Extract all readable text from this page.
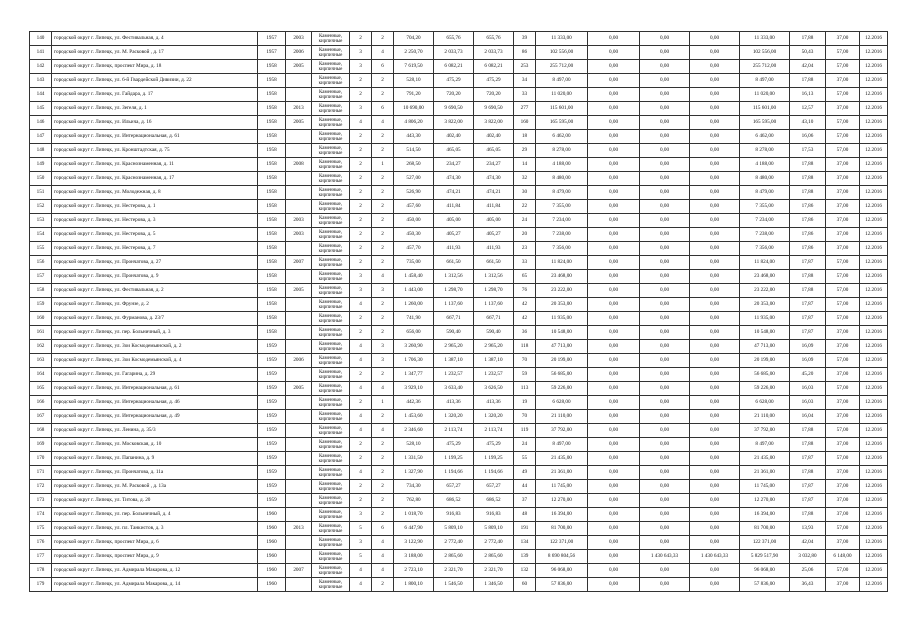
140	городской округ г. Липецк, ул. Фестивальная, д. 4	1957	2003	Каменные, кирпичные	2	2	704,20	655,76	655,76	39	11 333,00	0,00	0,00	0,00	11 333,00	17,88	37,00	12.2016
141	городской округ г. Липецк, ул. М. Расковой , д. 17	1957	2006	Каменные, кирпичные	3	4	2 250,70	2 033,73	2 033,73	86	102 556,00	0,00	0,00	0,00	102 556,00	50,43	57,00	12.2016
142	городской округ г. Липецк, проспект Мира, д. 18	1958	2005	Каменные, кирпичные	3	6	7 619,50	6 082,21	6 082,21	253	255 712,00	0,00	0,00	0,00	255 712,00	42,04	57,00	12.2016
143	городской округ г. Липецк, ул. 6-й Гвардейской Дивизии, д. 22	1958		Каменные, кирпичные	2	2	528,10	475,29	475,29	34	8 497,00	0,00	0,00	0,00	8 497,00	17,88	37,00	12.2016
144	городской округ г. Липецк, ул. Гайдара, д. 17	1958		Каменные, кирпичные	2	2	791,20	720,20	720,20	33	11 020,00	0,00	0,00	0,00	11 020,00	16,13	57,00	12.2016
145	городской округ г. Липецк, ул. Зегеля, д. 1	1958	2013	Каменные, кирпичные	3	6	10 690,00	9 690,50	9 690,50	277	115 601,00	0,00	0,00	0,00	115 601,00	12,57	37,00	12.2016
146	городской округ г. Липецк, ул. Ильича, д. 16	1958	2005	Каменные, кирпичные	4	4	4 806,20	3 822,00	3 822,00	160	165 595,00	0,00	0,00	0,00	165 595,00	43,10	57,00	12.2016
147	городской округ г. Липецк, ул. Интернациональная, д. 61	1958		Каменные, кирпичные	2	2	443,30	402,40	402,40	18	6 462,00	0,00	0,00	0,00	6 462,00	16,06	57,00	12.2016
148	городской округ г. Липецк, ул. Кронштадтская, д. 75	1958		Каменные, кирпичные	2	2	514,50	465,05	465,05	29	8 278,00	0,00	0,00	0,00	8 278,00	17,53	57,00	12.2016
149	городской округ г. Липецк, ул. Краснознаменная, д. 11	1958	2008	Каменные, кирпичные	2	1	268,50	234,27	234,27	14	4 188,00	0,00	0,00	0,00	4 188,00	17,88	37,00	12.2016
150	городской округ г. Липецк, ул. Краснознаменная, д. 17	1958		Каменные, кирпичные	2	2	527,00	474,30	474,30	32	8 480,00	0,00	0,00	0,00	8 480,00	17,88	37,00	12.2016
151	городской округ г. Липецк, ул. Молодежная, д. 8	1958		Каменные, кирпичные	2	2	526,90	474,21	474,21	30	8 479,00	0,00	0,00	0,00	8 479,00	17,88	37,00	12.2016
152	городской округ г. Липецк, ул. Нестерова, д. 1	1958		Каменные, кирпичные	2	2	457,60	411,84	411,84	22	7 355,00	0,00	0,00	0,00	7 355,00	17,86	37,00	12.2016
153	городской округ г. Липецк, ул. Нестерова, д. 3	1958	2003	Каменные, кирпичные	2	2	450,00	405,00	405,00	24	7 234,00	0,00	0,00	0,00	7 234,00	17,86	37,00	12.2016
154	городской округ г. Липецк, ул. Нестерова, д. 5	1958	2003	Каменные, кирпичные	2	2	450,30	405,27	405,27	20	7 238,00	0,00	0,00	0,00	7 238,00	17,86	37,00	12.2016
155	городской округ г. Липецк, ул. Нестерова, д. 7	1958		Каменные, кирпичные	2	2	457,70	411,93	411,93	23	7 356,00	0,00	0,00	0,00	7 356,00	17,86	37,00	12.2016
156	городской округ г. Липецк, ул. Прончатова, д. 27	1958	2007	Каменные, кирпичные	2	2	735,00	661,50	661,50	33	11 824,00	0,00	0,00	0,00	11 824,00	17,87	57,00	12.2016
157	городской округ г. Липецк, ул. Прончатова, д. 9	1958		Каменные, кирпичные	3	4	1 458,40	1 312,56	1 312,56	65	23 468,00	0,00	0,00	0,00	23 468,00	17,88	57,00	12.2016
158	городской округ г. Липецк, ул. Фестивальная, д. 2	1958	2005	Каменные, кирпичные	3	3	1 443,00	1 298,70	1 298,70	76	23 222,00	0,00	0,00	0,00	23 222,00	17,88	57,00	12.2016
159	городской округ г. Липецк, ул. Фрунзе, д. 2	1958		Каменные, кирпичные	4	2	1 260,00	1 137,60	1 137,60	42	20 353,00	0,00	0,00	0,00	20 353,00	17,87	57,00	12.2016
160	городской округ г. Липецк, ул. Фурманова, д. 23/7	1958		Каменные, кирпичные	2	2	741,90	667,71	667,71	42	11 935,00	0,00	0,00	0,00	11 935,00	17,87	57,00	12.2016
161	городской округ г. Липецк, ул. пер. Больничный, д. 3	1958		Каменные, кирпичные	2	2	656,00	590,40	590,40	36	10 548,00	0,00	0,00	0,00	10 548,00	17,87	37,00	12.2016
162	городской округ г. Липецк, ул. Зои Космодемьянской, д. 2	1959		Каменные, кирпичные	4	3	3 260,90	2 965,20	2 965,20	118	47 713,00	0,00	0,00	0,00	47 713,00	16,09	37,00	12.2016
163	городской округ г. Липецк, ул. Зои Космодемьянской, д. 4	1959	2006	Каменные, кирпичные	4	3	1 706,30	1 387,10	1 387,10	70	20 199,00	0,00	0,00	0,00	20 199,00	16,09	57,00	12.2016
164	городской округ г. Липецк, ул. Гагарина, д. 29	1959		Каменные, кирпичные	2	2	1 347,77	1 232,57	1 232,57	59	56 685,00	0,00	0,00	0,00	56 685,00	45,20	37,00	12.2016
165	городской округ г. Липецк, ул. Интернациональная, д. 61	1959	2005	Каменные, кирпичные	4	4	3 929,10	3 633,40	3 626,50	113	59 226,00	0,00	0,00	0,00	59 226,00	16,03	57,00	12.2016
166	городской округ г. Липецк, ул. Интернациональная, д. 46	1959		Каменные, кирпичные	2	1	442,36	413,36	413,36	19	6 628,00	0,00	0,00	0,00	6 628,00	16,03	37,00	12.2016
167	городской округ г. Липецк, ул. Интернациональная, д. 49	1959		Каменные, кирпичные	4	2	1 453,60	1 320,20	1 320,20	70	21 110,00	0,00	0,00	0,00	21 110,00	16,04	37,00	12.2016
168	городской округ г. Липецк, ул. Ленина, д. 35/3	1959		Каменные, кирпичные	4	4	2 346,60	2 113,74	2 113,74	119	37 792,00	0,00	0,00	0,00	37 792,00	17,88	57,00	12.2016
169	городской округ г. Липецк, ул. Московская, д. 10	1959		Каменные, кирпичные	2	2	528,10	475,29	475,29	24	8 497,00	0,00	0,00	0,00	8 497,00	17,88	37,00	12.2016
170	городской округ г. Липецк, ул. Папанина, д. 9	1959		Каменные, кирпичные	2	2	1 331,50	1 199,25	1 199,25	55	21 435,00	0,00	0,00	0,00	21 435,00	17,87	57,00	12.2016
171	городской округ г. Липецк, ул. Прончатова, д. 11а	1959		Каменные, кирпичные	4	2	1 327,90	1 194,66	1 194,66	49	21 361,00	0,00	0,00	0,00	21 361,00	17,88	37,00	12.2016
172	городской округ г. Липецк, ул. М. Расковой , д. 13а	1959		Каменные, кирпичные	2	2	734,30	657,27	657,27	44	11 745,00	0,00	0,00	0,00	11 745,00	17,87	37,00	12.2016
173	городской округ г. Липецк, ул. Титова, д. 20	1959		Каменные, кирпичные	2	2	762,80	686,52	686,52	37	12 270,00	0,00	0,00	0,00	12 270,00	17,87	37,00	12.2016
174	городской округ г. Липецк, ул. пер. Больничный, д. 4	1960		Каменные, кирпичные	3	2	1 018,70	916,83	916,83	48	16 394,00	0,00	0,00	0,00	16 394,00	17,88	37,00	12.2016
175	городской округ г. Липецк, ул. пл. Танкистов, д. 3	1960	2013	Каменные, кирпичные	5	6	6 447,90	5 809,10	5 809,10	191	81 700,00	0,00	0,00	0,00	81 700,00	13,93	57,00	12.2016
176	городской округ г. Липецк, проспект Мира, д. 6	1960		Каменные, кирпичные	3	4	3 122,90	2 772,40	2 772,40	134	122 371,00	0,00	0,00	0,00	122 371,00	42,04	37,00	12.2016
177	городской округ г. Липецк, проспект Мира, д. 9	1960		Каменные, кирпичные	5	4	3 188,00	2 865,60	2 865,60	139	8 690 804,56	0,00	1 430 643,33	1 430 643,33	5 829 517,90	3 032,80	6 148,00	12.2016
178	городской округ г. Липецк, ул. Адмирала Макарова, д. 12	1960	2007	Каменные, кирпичные	4	4	2 723,10	2 321,70	2 321,70	132	96 068,00	0,00	0,00	0,00	96 068,00	25,06	57,00	12.2016
179	городской округ г. Липецк, ул. Адмирала Макарова, д. 14	1960		Каменные, кирпичные	4	2	1 800,10	1 546,50	1 346,50	60	57 836,00	0,00	0,00	0,00	57 836,00	36,43	37,00	12.2016
